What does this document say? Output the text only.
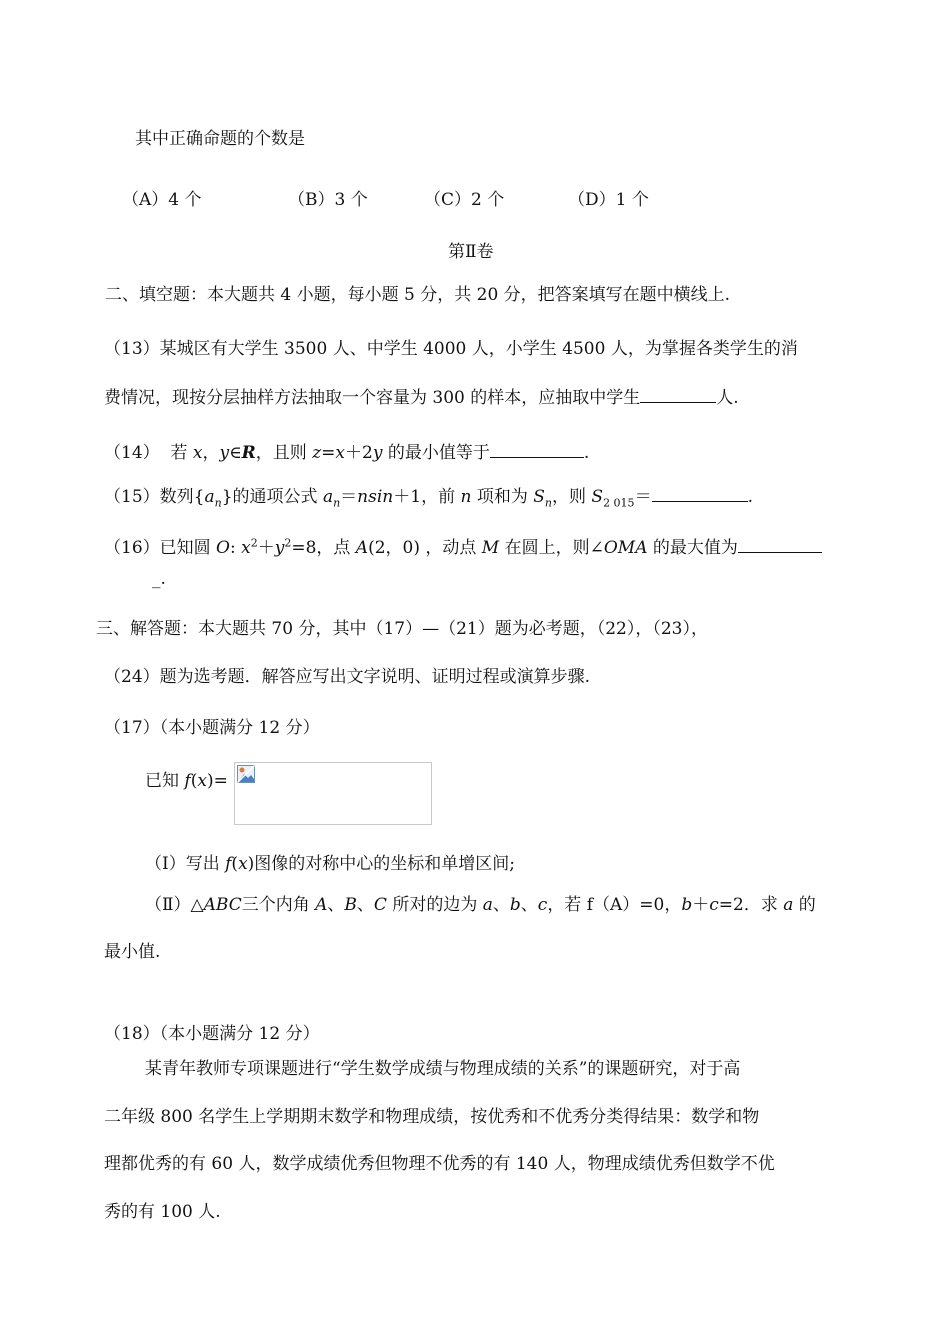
其中正确命题的个数是
（A）4 个	（B）3 个	（C）2 个	（D）1 个
第Ⅱ卷
二、填空题：本大题共 4 小题，每小题 5 分，共 20 分，把答案填写在题中横线上.
（13）某城区有大学生 3500 人、中学生 4000 人，小学生 4500 人，为掌握各类学生的消
费情况，现按分层抽样方法抽取一个容量为 300 的样本，应抽取中学生	人.
（14） 若 x，y∈R，且则 z=x＋2y 的最小值等于	.
（15）数列$\{a_n\}$的通项公式 $a_n=nsin+1$，前 n 项和为 $S_n$，则 $S_{2 015}=$	.
（16）已知圆 O: $x^2+y^2=8$，点 A(2，0) ，动点 M 在圆上，则∠OMA 的最大值为
_.
三、解答题：本大题共 70 分，其中（17）—（21）题为必考题，（22），（23），
（24）题为选考题．解答应写出文字说明、证明过程或演算步骤.
（17）（本小题满分 12 分）
已知 f(x)=
（Ⅰ）写出 f(x)图像的对称中心的坐标和单增区间;
（Ⅱ）△ABC三个内角 A、B、C 所对的边为 a、b、c，若 f（A）=0，b＋c=2．求 a 的
最小值.
（18）（本小题满分 12 分）
某青年教师专项课题进行“学生数学成绩与物理成绩的关系”的课题研究，对于高
二年级 800 名学生上学期期末数学和物理成绩，按优秀和不优秀分类得结果：数学和物
理都优秀的有 60 人，数学成绩优秀但物理不优秀的有 140 人，物理成绩优秀但数学不优
秀的有 100 人.
